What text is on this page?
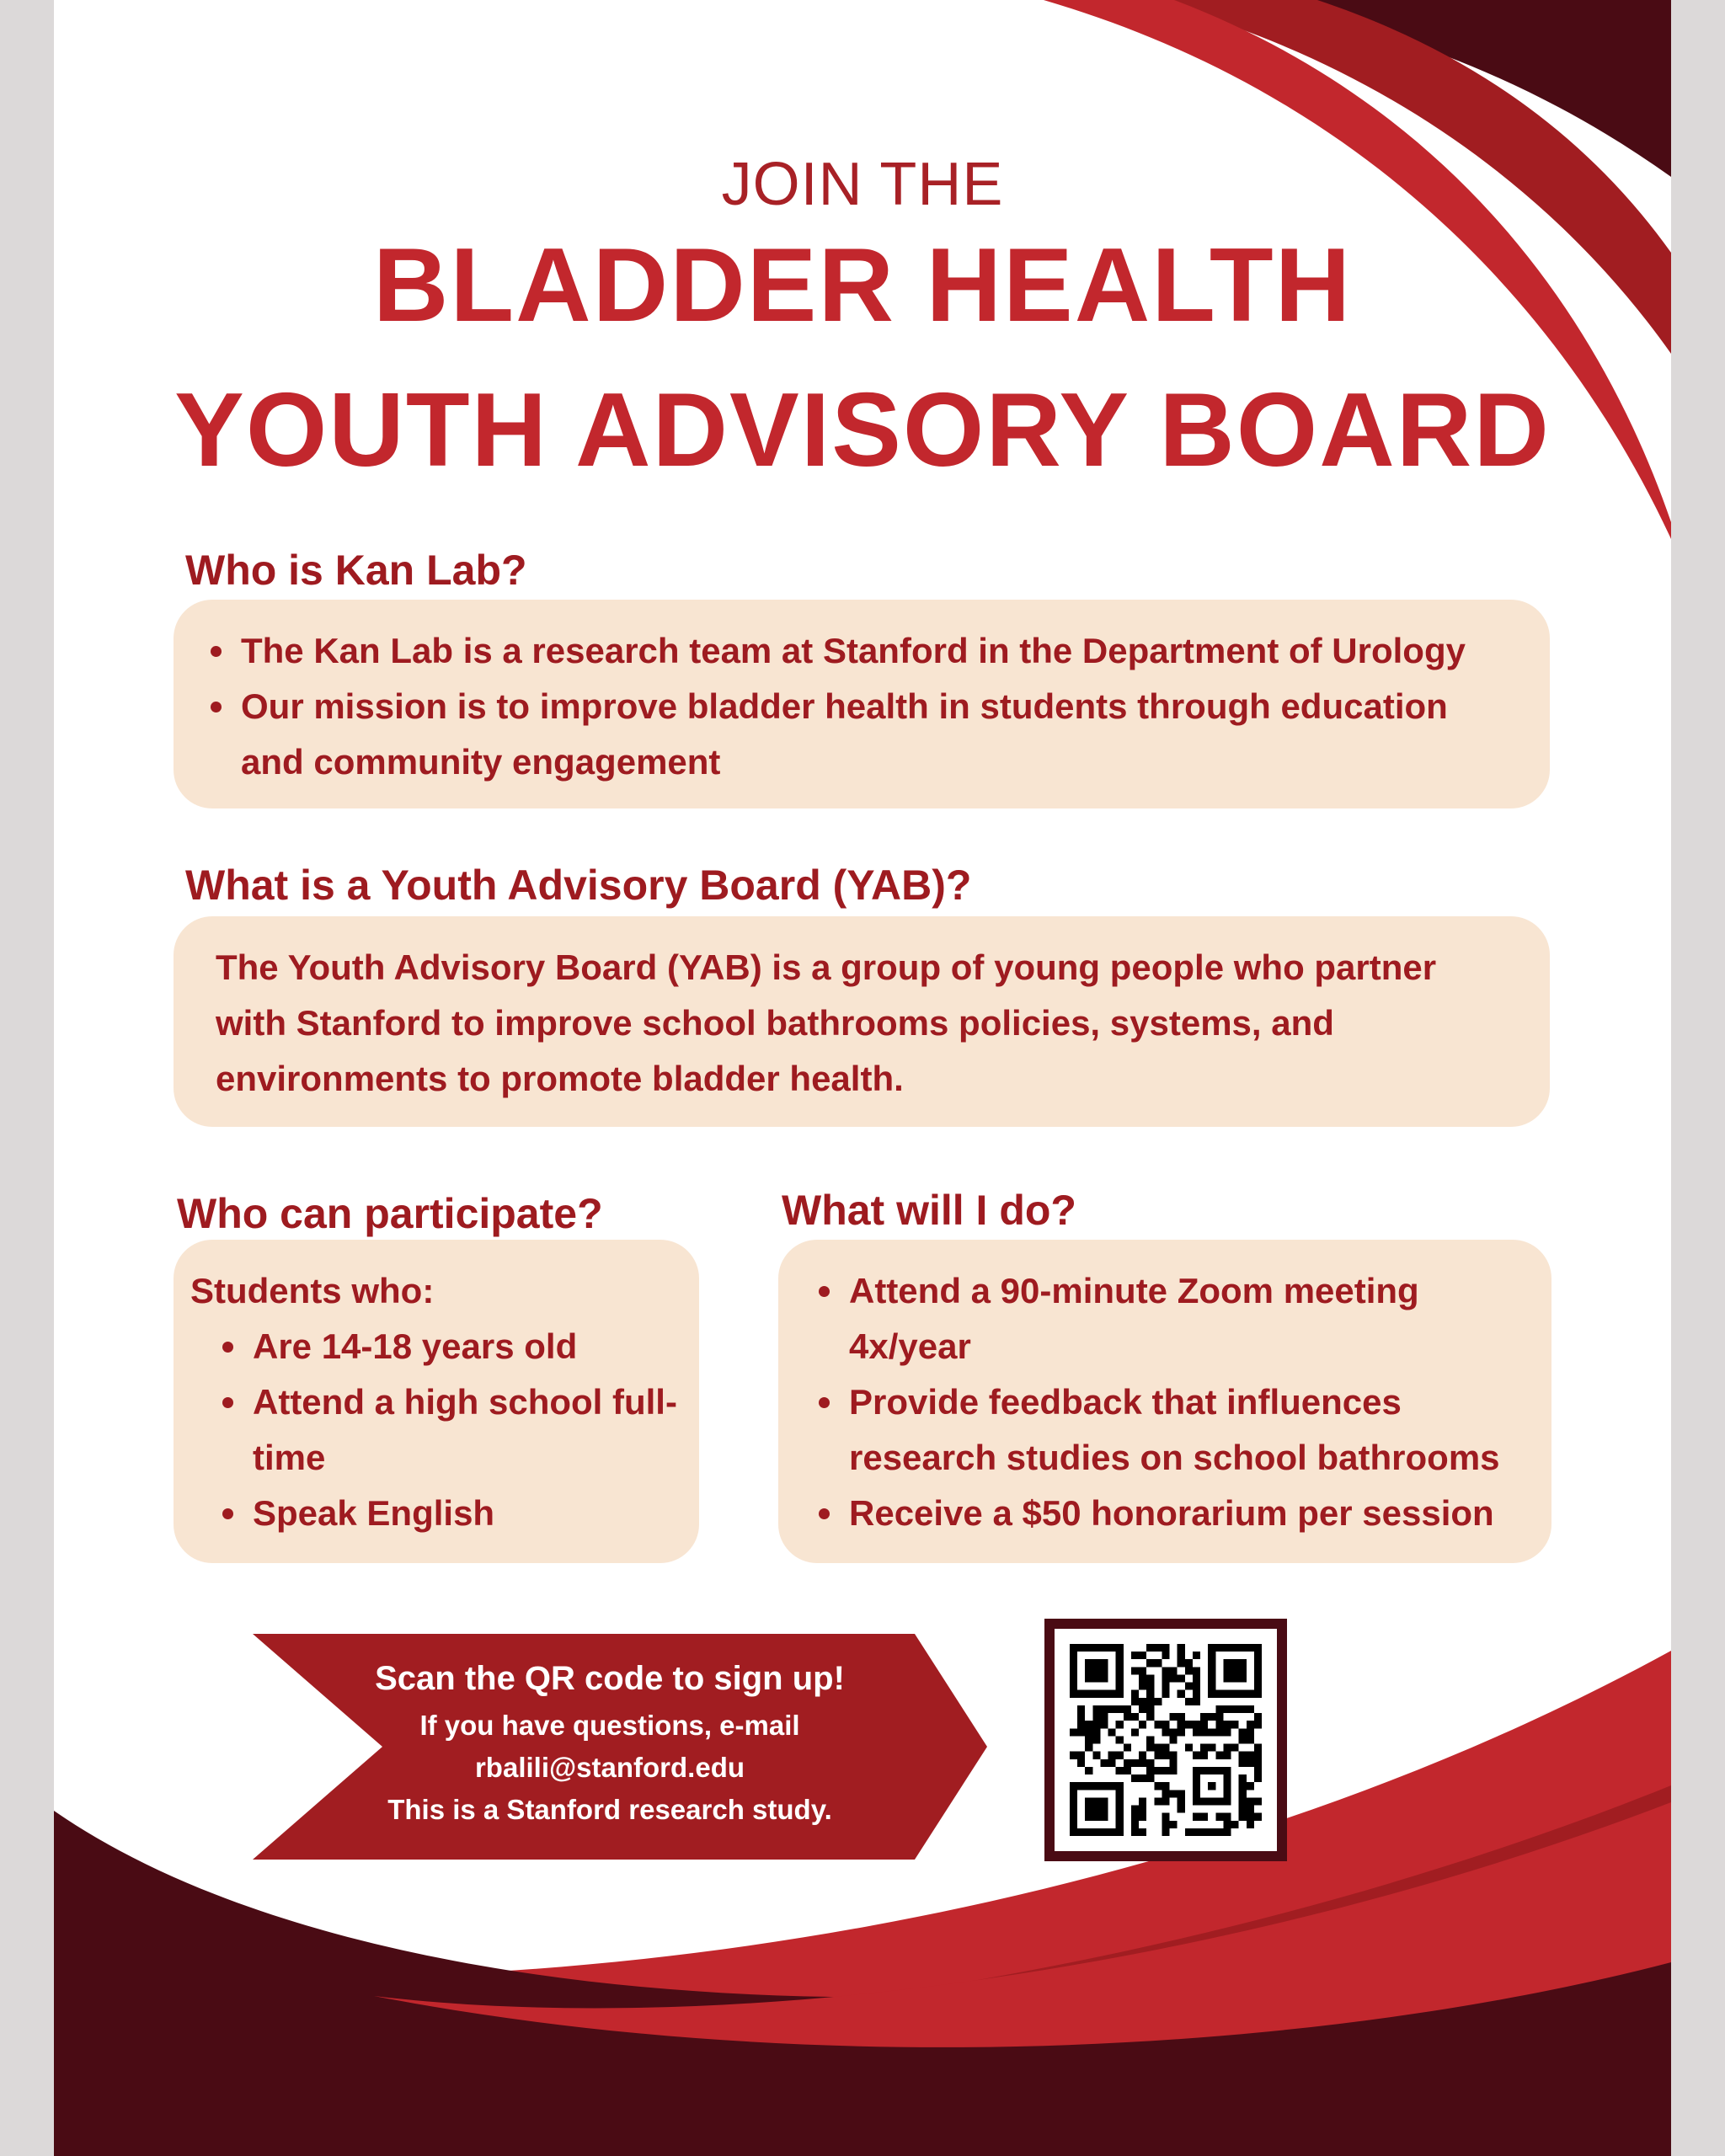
JOIN THE
BLADDER HEALTH
YOUTH ADVISORY BOARD
Who is Kan Lab?
The Kan Lab is a research team at Stanford in the Department of Urology
Our mission is to improve bladder health in students through education and community engagement
What is a Youth Advisory Board (YAB)?
The Youth Advisory Board (YAB) is a group of young people who partner with Stanford to improve school bathrooms policies, systems, and environments to promote bladder health.
Who can participate?
Students who:
Are 14-18 years old
Attend a high school full-time
Speak English
What will I do?
Attend a 90-minute Zoom meeting 4x/year
Provide feedback that influences research studies on school bathrooms
Receive a $50 honorarium per session
Scan the QR code to sign up!
If you have questions, e-mail
rbalili@stanford.edu
This is a Stanford research study.
